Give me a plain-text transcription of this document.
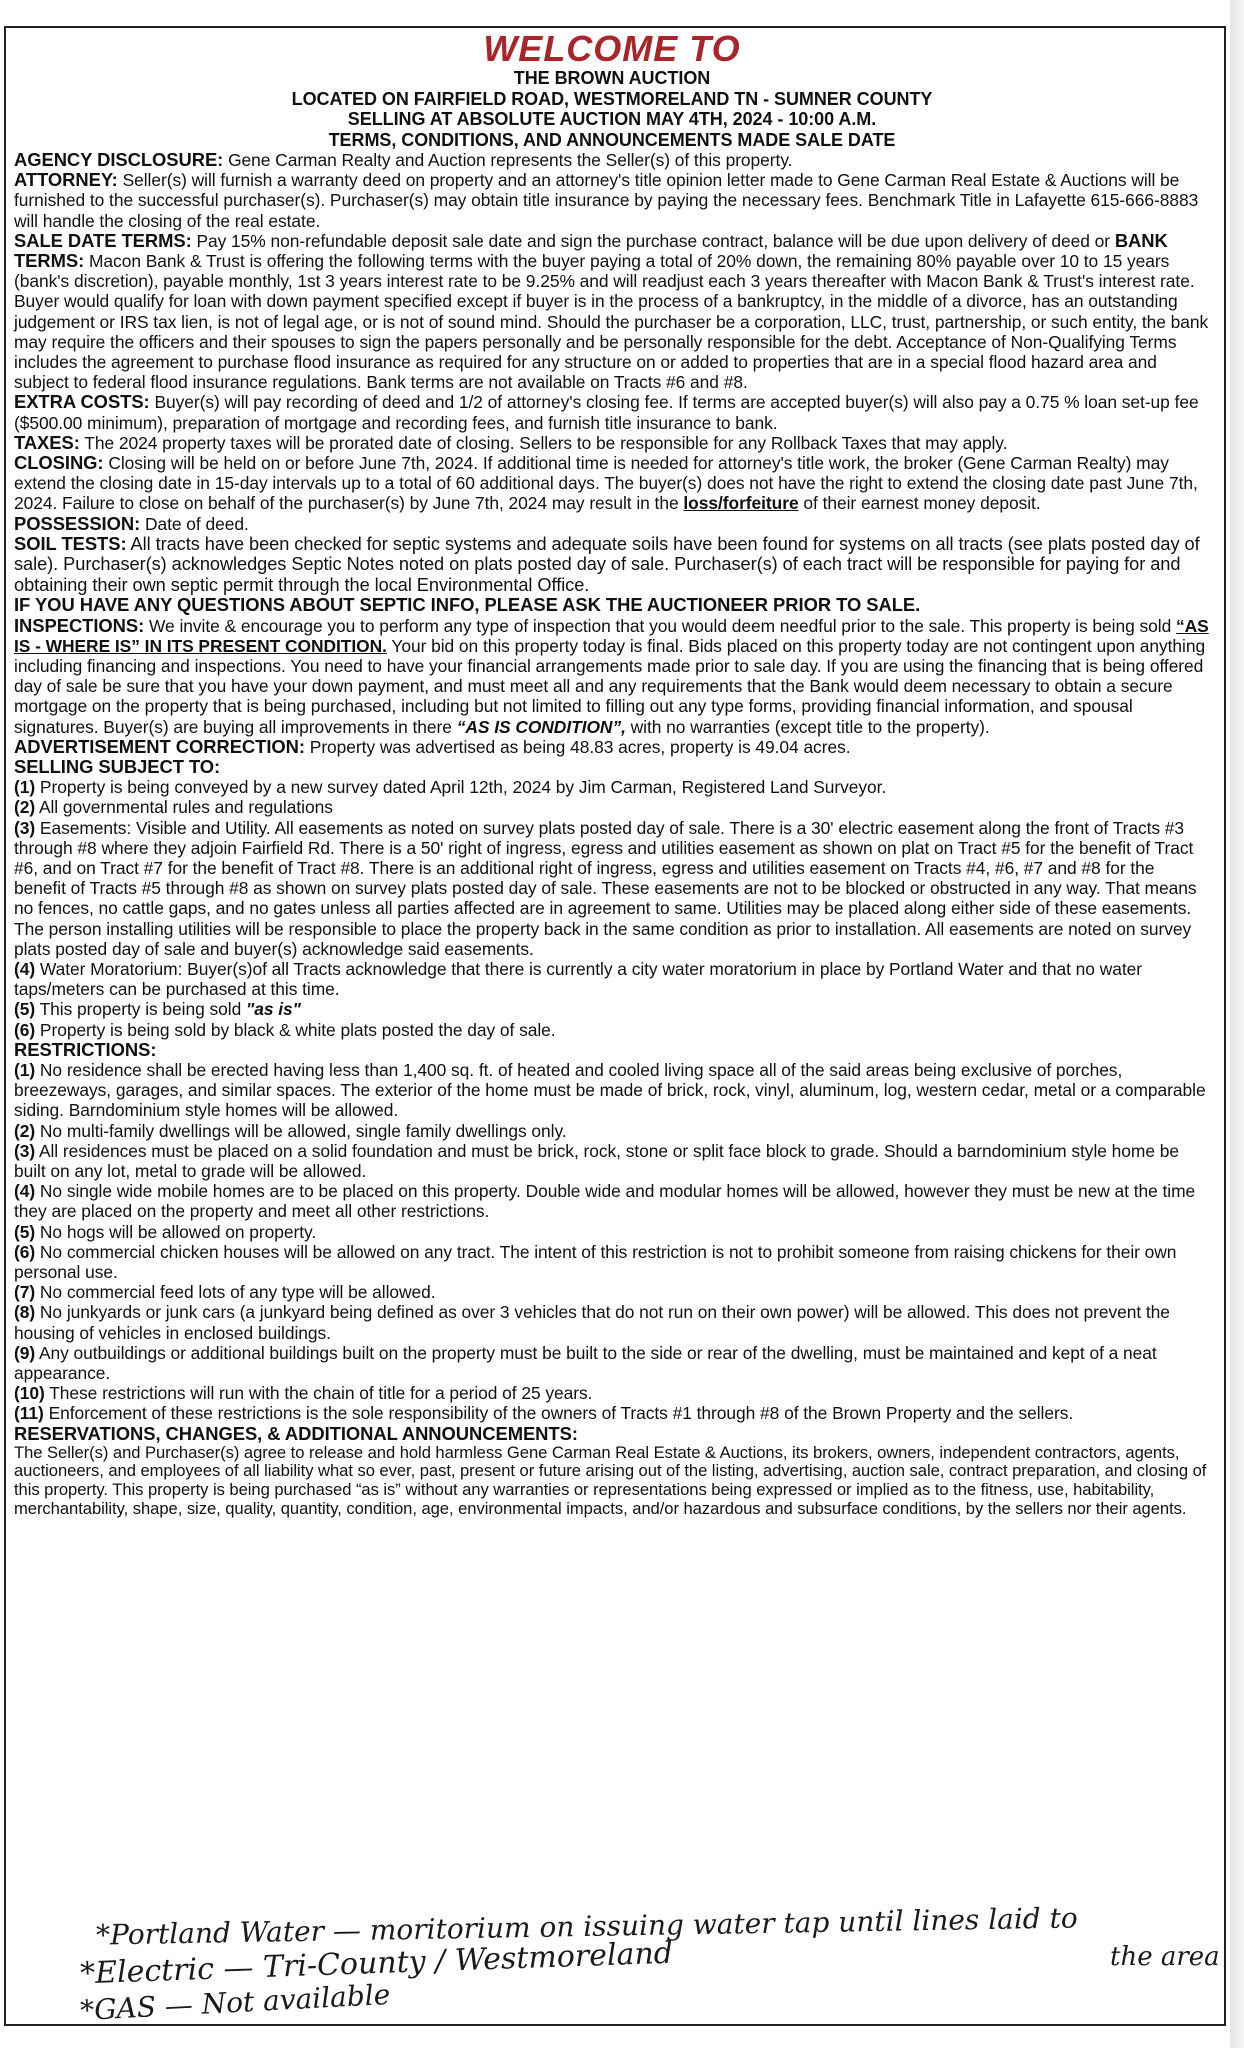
WELCOME TO
THE BROWN AUCTION
LOCATED ON FAIRFIELD ROAD, WESTMORELAND TN - SUMNER COUNTY
SELLING AT ABSOLUTE AUCTION MAY 4TH, 2024 - 10:00 A.M.
TERMS, CONDITIONS, AND ANNOUNCEMENTS MADE SALE DATE

AGENCY DISCLOSURE: Gene Carman Realty and Auction represents the Seller(s) of this property.

ATTORNEY: Seller(s) will furnish a warranty deed on property and an attorney's title opinion letter made to Gene Carman Real Estate & Auctions will be furnished to the successful purchaser(s). Purchaser(s) may obtain title insurance by paying the necessary fees. Benchmark Title in Lafayette 615-666-8883 will handle the closing of the real estate.

SALE DATE TERMS: Pay 15% non-refundable deposit sale date and sign the purchase contract, balance will be due upon delivery of deed or BANK TERMS: Macon Bank & Trust is offering the following terms with the buyer paying a total of 20% down, the remaining 80% payable over 10 to 15 years (bank's discretion), payable monthly, 1st 3 years interest rate to be 9.25% and will readjust each 3 years thereafter with Macon Bank & Trust's interest rate. Buyer would qualify for loan with down payment specified except if buyer is in the process of a bankruptcy, in the middle of a divorce, has an outstanding judgement or IRS tax lien, is not of legal age, or is not of sound mind. Should the purchaser be a corporation, LLC, trust, partnership, or such entity, the bank may require the officers and their spouses to sign the papers personally and be personally responsible for the debt. Acceptance of Non-Qualifying Terms includes the agreement to purchase flood insurance as required for any structure on or added to properties that are in a special flood hazard area and subject to federal flood insurance regulations. Bank terms are not available on Tracts #6 and #8.

EXTRA COSTS: Buyer(s) will pay recording of deed and 1/2 of attorney's closing fee. If terms are accepted buyer(s) will also pay a 0.75 % loan set-up fee ($500.00 minimum), preparation of mortgage and recording fees, and furnish title insurance to bank.

TAXES: The 2024 property taxes will be prorated date of closing. Sellers to be responsible for any Rollback Taxes that may apply.

CLOSING: Closing will be held on or before June 7th, 2024. If additional time is needed for attorney's title work, the broker (Gene Carman Realty) may extend the closing date in 15-day intervals up to a total of 60 additional days. The buyer(s) does not have the right to extend the closing date past June 7th, 2024. Failure to close on behalf of the purchaser(s) by June 7th, 2024 may result in the loss/forfeiture of their earnest money deposit.

POSSESSION: Date of deed.

SOIL TESTS: All tracts have been checked for septic systems and adequate soils have been found for systems on all tracts (see plats posted day of sale). Purchaser(s) acknowledges Septic Notes noted on plats posted day of sale. Purchaser(s) of each tract will be responsible for paying for and obtaining their own septic permit through the local Environmental Office.

IF YOU HAVE ANY QUESTIONS ABOUT SEPTIC INFO, PLEASE ASK THE AUCTIONEER PRIOR TO SALE.

INSPECTIONS: We invite & encourage you to perform any type of inspection that you would deem needful prior to the sale. This property is being sold “AS IS - WHERE IS” IN ITS PRESENT CONDITION. Your bid on this property today is final. Bids placed on this property today are not contingent upon anything including financing and inspections. You need to have your financial arrangements made prior to sale day. If you are using the financing that is being offered day of sale be sure that you have your down payment, and must meet all and any requirements that the Bank would deem necessary to obtain a secure mortgage on the property that is being purchased, including but not limited to filling out any type forms, providing financial information, and spousal signatures. Buyer(s) are buying all improvements in there “AS IS CONDITION”, with no warranties (except title to the property).

ADVERTISEMENT CORRECTION: Property was advertised as being 48.83 acres, property is 49.04 acres.

SELLING SUBJECT TO:

(1) Property is being conveyed by a new survey dated April 12th, 2024 by Jim Carman, Registered Land Surveyor.

(2) All governmental rules and regulations

(3) Easements: Visible and Utility. All easements as noted on survey plats posted day of sale. There is a 30' electric easement along the front of Tracts #3 through #8 where they adjoin Fairfield Rd. There is a 50' right of ingress, egress and utilities easement as shown on plat on Tract #5 for the benefit of Tract #6, and on Tract #7 for the benefit of Tract #8. There is an additional right of ingress, egress and utilities easement on Tracts #4, #6, #7 and #8 for the benefit of Tracts #5 through #8 as shown on survey plats posted day of sale. These easements are not to be blocked or obstructed in any way. That means no fences, no cattle gaps, and no gates unless all parties affected are in agreement to same. Utilities may be placed along either side of these easements. The person installing utilities will be responsible to place the property back in the same condition as prior to installation. All easements are noted on survey plats posted day of sale and buyer(s) acknowledge said easements.

(4) Water Moratorium: Buyer(s)of all Tracts acknowledge that there is currently a city water moratorium in place by Portland Water and that no water taps/meters can be purchased at this time.

(5) This property is being sold "as is"

(6) Property is being sold by black & white plats posted the day of sale.

RESTRICTIONS:

(1) No residence shall be erected having less than 1,400 sq. ft. of heated and cooled living space all of the said areas being exclusive of porches, breezeways, garages, and similar spaces. The exterior of the home must be made of brick, rock, vinyl, aluminum, log, western cedar, metal or a comparable siding. Barndominium style homes will be allowed.

(2) No multi-family dwellings will be allowed, single family dwellings only.

(3) All residences must be placed on a solid foundation and must be brick, rock, stone or split face block to grade. Should a barndominium style home be built on any lot, metal to grade will be allowed.

(4) No single wide mobile homes are to be placed on this property. Double wide and modular homes will be allowed, however they must be new at the time they are placed on the property and meet all other restrictions.

(5) No hogs will be allowed on property.

(6) No commercial chicken houses will be allowed on any tract. The intent of this restriction is not to prohibit someone from raising chickens for their own personal use.

(7) No commercial feed lots of any type will be allowed.

(8) No junkyards or junk cars (a junkyard being defined as over 3 vehicles that do not run on their own power) will be allowed. This does not prevent the housing of vehicles in enclosed buildings.

(9) Any outbuildings or additional buildings built on the property must be built to the side or rear of the dwelling, must be maintained and kept of a neat appearance.

(10) These restrictions will run with the chain of title for a period of 25 years.

(11) Enforcement of these restrictions is the sole responsibility of the owners of Tracts #1 through #8 of the Brown Property and the sellers.

RESERVATIONS, CHANGES, & ADDITIONAL ANNOUNCEMENTS:

The Seller(s) and Purchaser(s) agree to release and hold harmless Gene Carman Real Estate & Auctions, its brokers, owners, independent contractors, agents, auctioneers, and employees of all liability what so ever, past, present or future arising out of the listing, advertising, auction sale, contract preparation, and closing of this property. This property is being purchased “as is” without any warranties or representations being expressed or implied as to the fitness, use, habitability, merchantability, shape, size, quality, quantity, condition, age, environmental impacts, and/or hazardous and subsurface conditions, by the sellers nor their agents.

*Portland Water — moritorium on issuing water tap until lines laid to
the area
*Electric — Tri-County / Westmoreland
*GAS — Not available
